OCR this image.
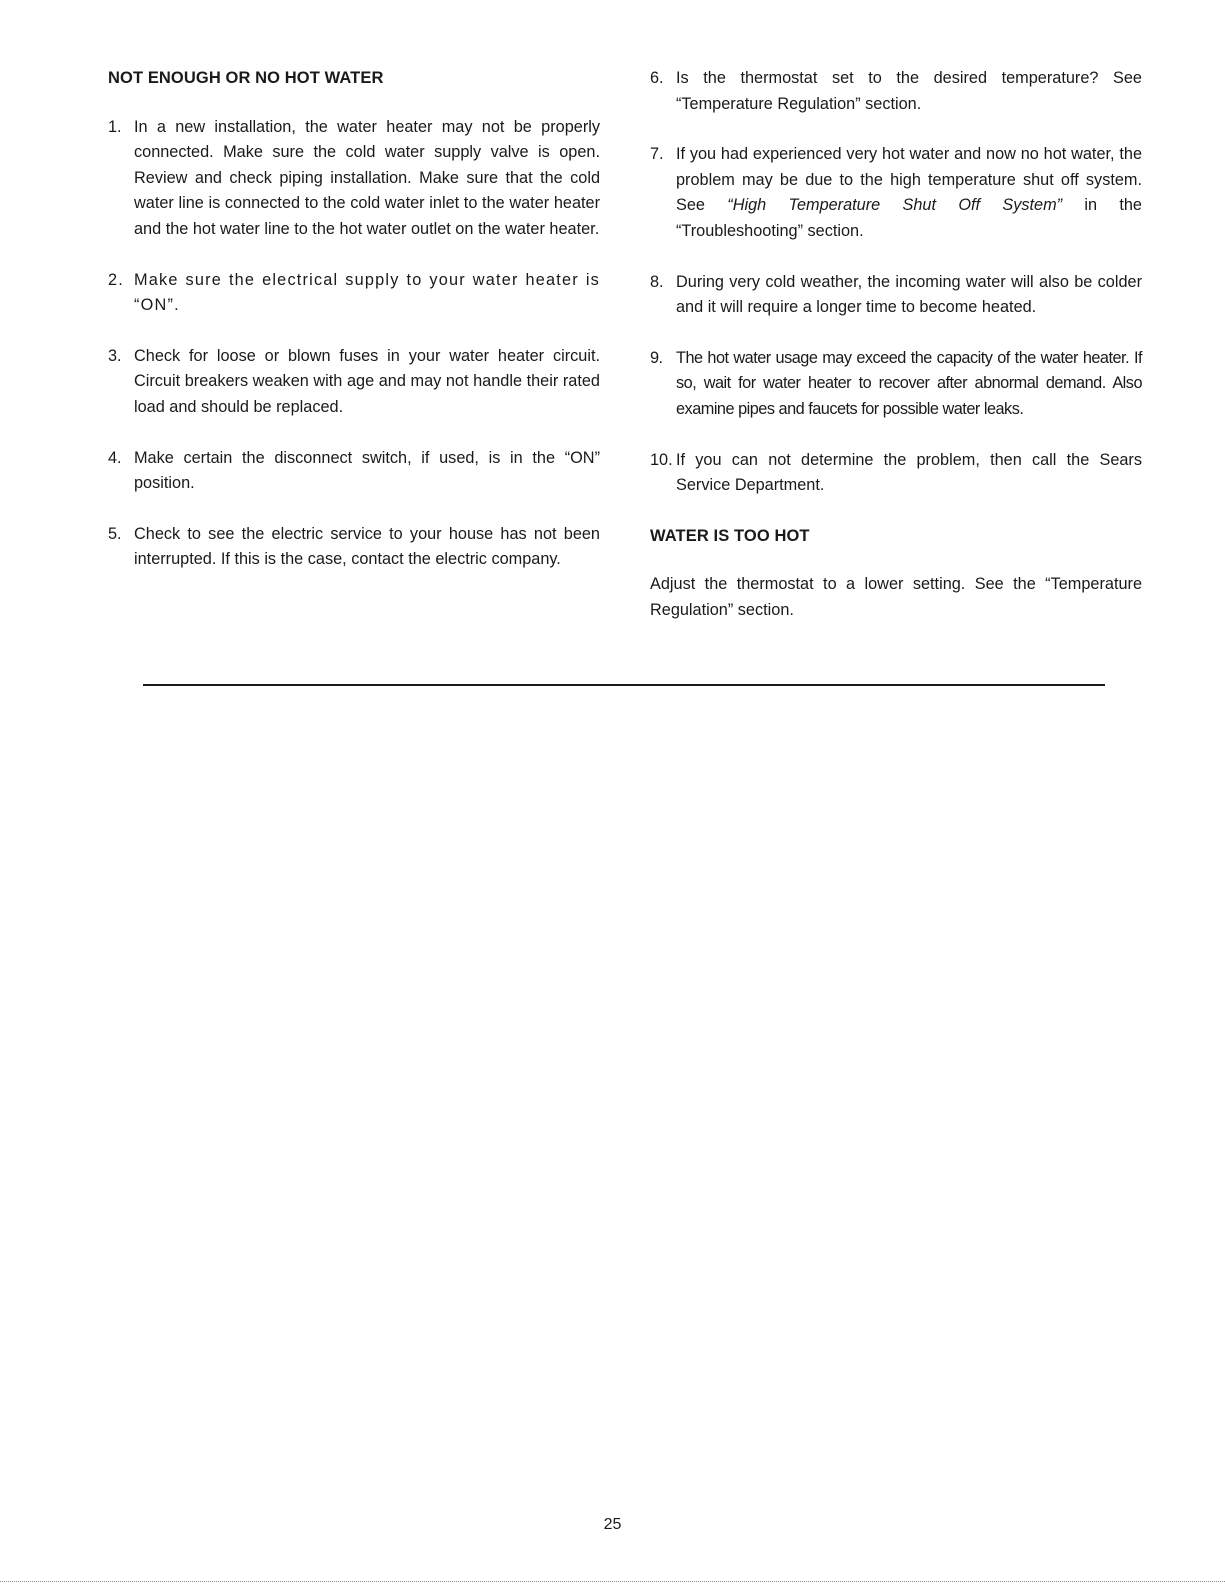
NOT ENOUGH OR NO HOT WATER
1. In a new installation, the water heater may not be properly connected. Make sure the cold water supply valve is open. Review and check piping installation. Make sure that the cold water line is connected to the cold water inlet to the water heater and the hot water line to the hot water outlet on the water heater.
2. Make sure the electrical supply to your water heater is “ON”.
3. Check for loose or blown fuses in your water heater circuit. Circuit breakers weaken with age and may not handle their rated load and should be replaced.
4. Make certain the disconnect switch, if used, is in the “ON” position.
5. Check to see the electric service to your house has not been interrupted. If this is the case, contact the electric company.
6. Is the thermostat set to the desired temperature? See “Temperature Regulation” section.
7. If you had experienced very hot water and now no hot water, the problem may be due to the high temperature shut off system. See “High Temperature Shut Off System” in the “Troubleshooting” section.
8. During very cold weather, the incoming water will also be colder and it will require a longer time to become heated.
9. The hot water usage may exceed the capacity of the water heater. If so, wait for water heater to recover after abnormal demand. Also examine pipes and faucets for possible water leaks.
10. If you can not determine the problem, then call the Sears Service Department.
WATER IS TOO HOT

Adjust the thermostat to a lower setting. See the “Temperature Regulation” section.

25
